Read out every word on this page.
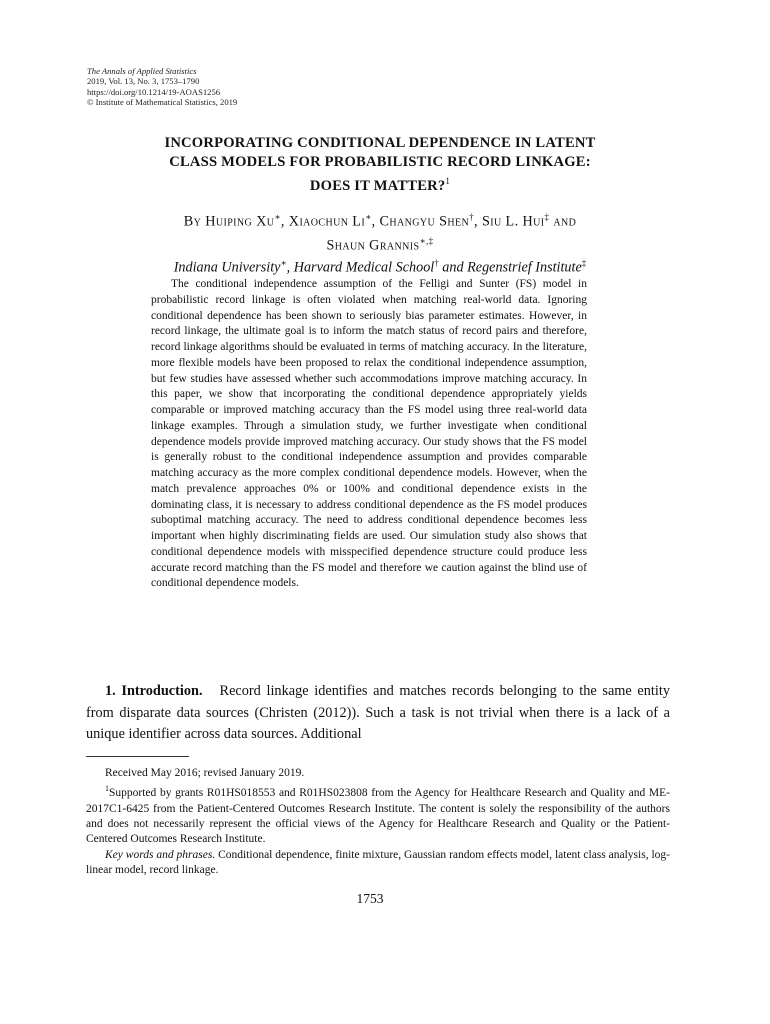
The Annals of Applied Statistics
2019, Vol. 13, No. 3, 1753–1790
https://doi.org/10.1214/19-AOAS1256
© Institute of Mathematical Statistics, 2019
INCORPORATING CONDITIONAL DEPENDENCE IN LATENT
CLASS MODELS FOR PROBABILISTIC RECORD LINKAGE:
DOES IT MATTER?$^1$
By Huiping Xu∗, Xiaochun Li∗, Changyu Shen†, Siu L. Hui‡ and
Shaun Grannis∗,‡
Indiana University∗, Harvard Medical School† and Regenstrief Institute‡

The conditional independence assumption of the Felligi and Sunter (FS) model in probabilistic record linkage is often violated when matching real-world data. Ignoring conditional dependence has been shown to seriously bias parameter estimates. However, in record linkage, the ultimate goal is to inform the match status of record pairs and therefore, record linkage algorithms should be evaluated in terms of matching accuracy. In the literature, more flexible models have been proposed to relax the conditional independence assumption, but few studies have assessed whether such accommodations improve matching accuracy. In this paper, we show that incorporating the conditional dependence appropriately yields comparable or improved matching accuracy than the FS model using three real-world data linkage examples. Through a simulation study, we further investigate when conditional dependence models provide improved matching accuracy. Our study shows that the FS model is generally robust to the conditional independence assumption and provides comparable matching accuracy as the more complex conditional dependence models. However, when the match prevalence approaches 0% or 100% and conditional dependence exists in the dominating class, it is necessary to address conditional dependence as the FS model produces suboptimal matching accuracy. The need to address conditional dependence becomes less important when highly discriminating fields are used. Our simulation study also shows that conditional dependence models with misspecified dependence structure could produce less accurate record matching than the FS model and therefore we caution against the blind use of conditional dependence models.

1. Introduction. Record linkage identifies and matches records belonging to the same entity from disparate data sources (Christen (2012)). Such a task is not trivial when there is a lack of a unique identifier across data sources. Additional

Received May 2016; revised January 2019.

$^1$Supported by grants R01HS018553 and R01HS023808 from the Agency for Healthcare Research and Quality and ME-2017C1-6425 from the Patient-Centered Outcomes Research Institute. The content is solely the responsibility of the authors and does not necessarily represent the official views of the Agency for Healthcare Research and Quality or the Patient-Centered Outcomes Research Institute.

Key words and phrases. Conditional dependence, finite mixture, Gaussian random effects model, latent class analysis, log-linear model, record linkage.

1753
